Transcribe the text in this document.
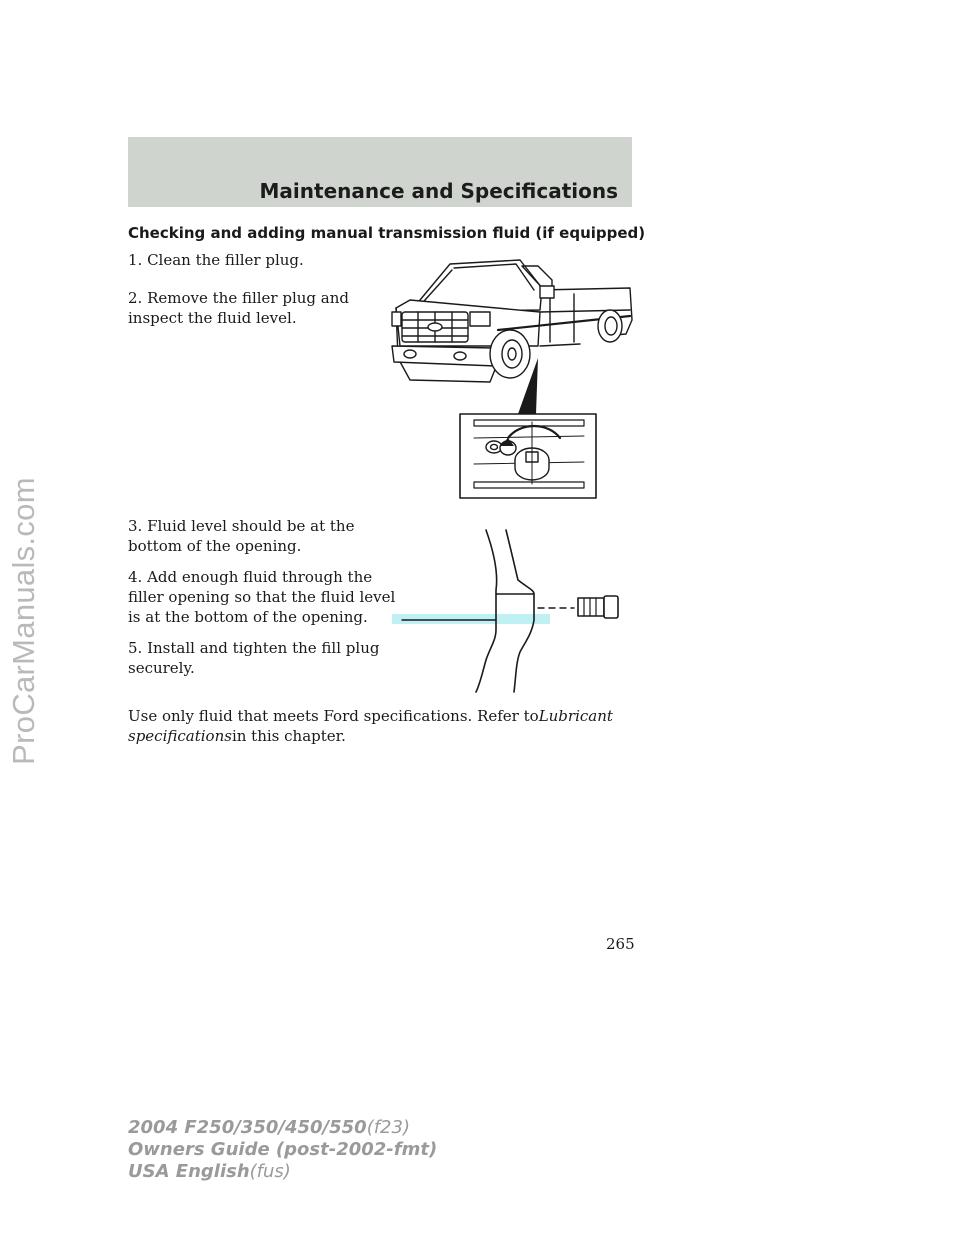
ProCarManuals.com
Maintenance and Specifications
Checking and adding manual transmission fluid (if equipped)

1. Clean the filler plug.

2. Remove the filler plug and

inspect the fluid level.

3. Fluid level should be at the

bottom of the opening.

4. Add enough fluid through the

filler opening so that the fluid level

is at the bottom of the opening.

5. Install and tighten the fill plug

securely.

Use only fluid that meets Ford specifications. Refer toLubricant

specificationsin this chapter.

265

2004 F250/350/450/550(f23)
Owners Guide (post-2002-fmt)
USA English(fus)
